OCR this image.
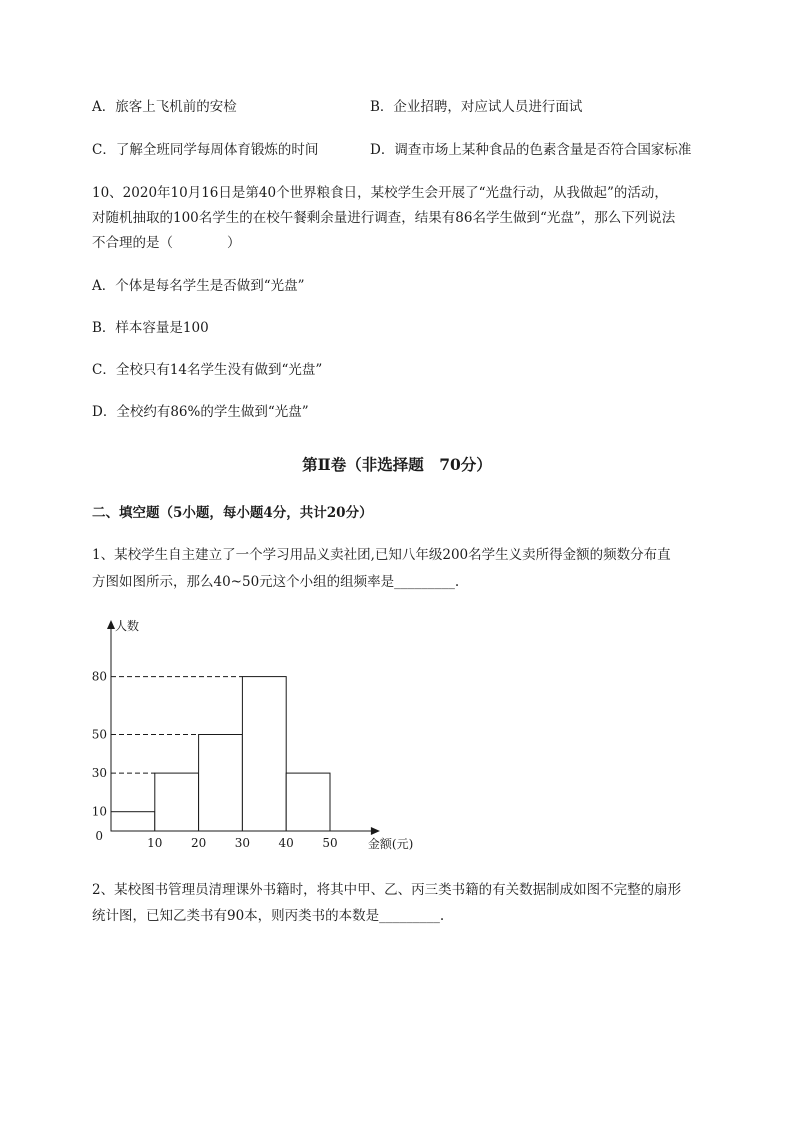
A．旅客上飞机前的安检	B．企业招聘，对应试人员进行面试
C．了解全班同学每周体育锻炼的时间	D．调查市场上某种食品的色素含量是否符合国家标准
10、2020年10月16日是第40个世界粮食日，某校学生会开展了“光盘行动，从我做起”的活动，
对随机抽取的100名学生的在校午餐剩余量进行调查，结果有86名学生做到“光盘”，那么下列说法
不合理的是（　　　　）
A．个体是每名学生是否做到“光盘”
B．样本容量是100
C．全校只有14名学生没有做到“光盘”
D．全校约有86%的学生做到“光盘”
第Ⅱ卷（非选择题　70分）
二、填空题（5小题，每小题4分，共计20分）
1、某校学生自主建立了一个学习用品义卖社团,已知八年级200名学生义卖所得金额的频数分布直
方图如图所示，那么40~50元这个小组的组频率是_________.
80
50
30
10
0	10 20 30 40 50	金额(元)
人数
2、某校图书管理员清理课外书籍时，将其中甲、乙、丙三类书籍的有关数据制成如图不完整的扇形
统计图，已知乙类书有90本，则丙类书的本数是_________.
